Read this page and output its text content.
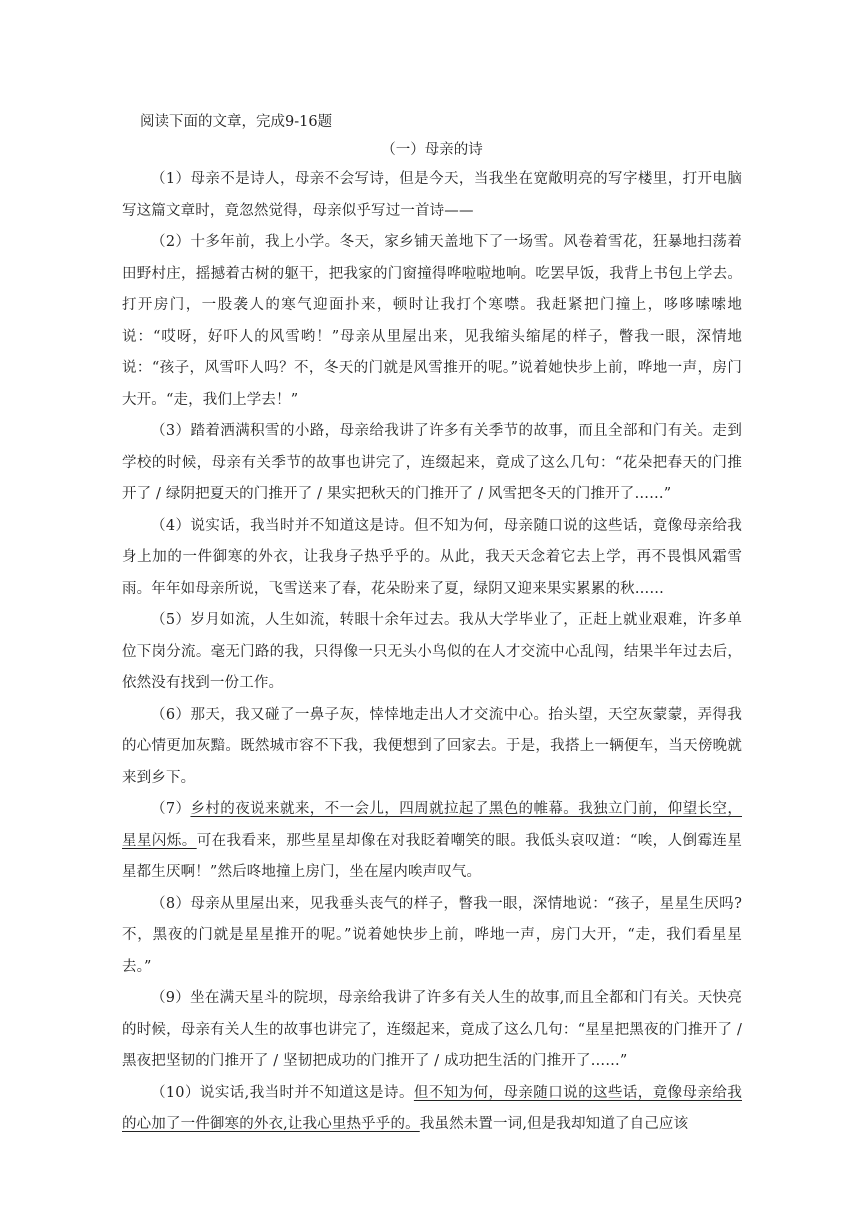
阅读下面的文章，完成9-16题

（一）母亲的诗

（1）母亲不是诗人，母亲不会写诗，但是今天，当我坐在宽敞明亮的写字楼里，打开电脑写这篇文章时，竟忽然觉得，母亲似乎写过一首诗——

（2）十多年前，我上小学。冬天，家乡铺天盖地下了一场雪。风卷着雪花，狂暴地扫荡着田野村庄，摇撼着古树的躯干，把我家的门窗撞得哗啦啦地响。吃罢早饭，我背上书包上学去。打开房门，一股袭人的寒气迎面扑来，顿时让我打个寒噤。我赶紧把门撞上，哆哆嗦嗦地说：“哎呀，好吓人的风雪哟！”母亲从里屋出来，见我缩头缩尾的样子，瞥我一眼，深情地说：“孩子，风雪吓人吗？不，冬天的门就是风雪推开的呢。”说着她快步上前，哗地一声，房门大开。“走，我们上学去！”

（3）踏着洒满积雪的小路，母亲给我讲了许多有关季节的故事，而且全部和门有关。走到学校的时候，母亲有关季节的故事也讲完了，连缀起来，竟成了这么几句：“花朵把春天的门推开了 / 绿阴把夏天的门推开了 / 果实把秋天的门推开了 / 风雪把冬天的门推开了……”

（4）说实话，我当时并不知道这是诗。但不知为何，母亲随口说的这些话，竟像母亲给我身上加的一件御寒的外衣，让我身子热乎乎的。从此，我天天念着它去上学，再不畏惧风霜雪雨。年年如母亲所说，飞雪送来了春，花朵盼来了夏，绿阴又迎来果实累累的秋……

（5）岁月如流，人生如流，转眼十余年过去。我从大学毕业了，正赶上就业艰难，许多单位下岗分流。毫无门路的我，只得像一只无头小鸟似的在人才交流中心乱闯，结果半年过去后，依然没有找到一份工作。

（6）那天，我又碰了一鼻子灰，悻悻地走出人才交流中心。抬头望，天空灰蒙蒙，弄得我的心情更加灰黯。既然城市容不下我，我便想到了回家去。于是，我搭上一辆便车，当天傍晚就来到乡下。

（7）乡村的夜说来就来，不一会儿，四周就拉起了黑色的帷幕。我独立门前，仰望长空，星星闪烁。可在我看来，那些星星却像在对我眨着嘲笑的眼。我低头哀叹道：“唉，人倒霉连星星都生厌啊！”然后咚地撞上房门，坐在屋内唉声叹气。

（8）母亲从里屋出来，见我垂头丧气的样子，瞥我一眼，深情地说：“孩子，星星生厌吗?不，黑夜的门就是星星推开的呢。”说着她快步上前，哗地一声，房门大开，“走，我们看星星去。”

（9）坐在满天星斗的院坝，母亲给我讲了许多有关人生的故事,而且全都和门有关。天快亮的时候，母亲有关人生的故事也讲完了，连缀起来，竟成了这么几句：“星星把黑夜的门推开了 / 黑夜把坚韧的门推开了 / 坚韧把成功的门推开了 / 成功把生活的门推开了……”

（10）说实话,我当时并不知道这是诗。但不知为何，母亲随口说的这些话，竟像母亲给我的心加了一件御寒的外衣,让我心里热乎乎的。我虽然未置一词,但是我却知道了自己应该
